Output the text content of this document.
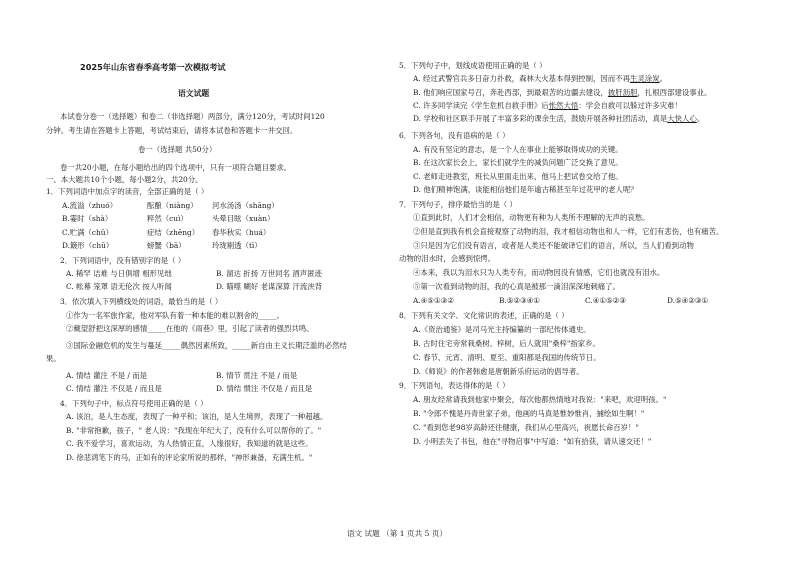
2025年山东省春季高考第一次模拟考试
语文试题
本试卷分卷一（选择题）和卷二（非选择题）两部分，满分120分，考试时间120
分钟。考生请在答题卡上答题，考试结束后，请将本试卷和答题卡一并交回。
卷一（选择题 共50分）
卷一共20小题，在每小题给出的四个选项中，只有一项符合题目要求。
一、本大题共10个小题，每小题2分，共20分。
1．下列词语中加点字的读音，全部正确的是（ ）
A.流溢（zhuó）	酝酿（niàng） 河水汤汤（shāng）
B.霎时（shà）	粹然（cuì）	头晕目眩（xuàn）
C.贮满（chǔ）	症结（zhēng） 春华秋实（huá）
D.簸形（chū）	螃蟹（bā）	玲珑剔透（tī）
2．下列词语中，没有错别字的是（ ）
A. 稀罕 诘难 与日俱增 相形见绌	B. 溜达 折扬 万世同名 酒声匿迹
C. 帐幕 笼罩 语无伦次 按人听闻	D. 瞄噬 糊好 老谋深算 汗流浃背
3．依次填入下列横线处的词语，最恰当的是（ ）
①作为一名军旅作家，他对军队有着一种本能的难以割舍的_____。
②戴望舒把这深厚的感情_____在他的《雨巷》里，引起了读者的强烈共鸣。
③国际金融危机的发生与蔓延_____偶然因素所致，_____新自由主义长期泛滥的必然结
果。
A. 情结 灌注 不是 / 而是	B. 情节 贯注 不是 / 而是
C. 情结 灌注 不仅是 / 而且是	D. 情结 惯注 不仅是 / 而且是
4．下列句子中，标点符号使用正确的是（ ）
A. 该泊，是人生态度，表现了一种平和；该泊，是人生境界，表现了一种超越。
B. "非常抱歉，孩子，" 老人说："我现在年纪大了，没有什么可以帮你的了。"
C. 我不爱学习，喜欢运动，为人热情正直，人缘很好，我知道的就是这些。
D. 徐悲鸿笔下的马，正如有的评论家所说的那样，"神形兼备，充满生机。"
5．下列句子中，划线成语使用正确的是（ ）
A. 经过武警官兵多日奋力扑救，森林大火基本得到控制，因而不再生灵涂炭。
B. 他们响应国家号召，奔赴西部，到最艰苦的边疆去建设，披肝沥胆，扎根西部建设事业。
C. 许多同学读完《学生危机自救手册》后怅然大悟：学会自救可以躲过许多灾难！
D. 学校和社区联手开展了丰富多彩的课余生活，鼓励开展各种社团活动，真是大快人心。
6．下列各句，没有语病的是（ ）
A. 有没有坚定的意志，是一个人在事业上能够取得成功的关键。
B. 在这次家长会上，家长们就学生的减负问题广泛交换了意见。
C. 老师走进教室，班长从里面走出来，他马上把试卷交给了他。
D. 他们精神饱满，谈能相信他们是年逾古稀甚至年过花甲的老人呢？
7．下列句子，排序最恰当的是（ ）
①直到此时，人们才会相信，动物更有种为人类所不理解的无声的哀愁。
②但是直到我有机会直接观察了动物的泪，我才相信动物也和人一样，它们有悲伤，也有痛苦。
③只是因为它们没有语言，或者是人类还不能破译它们的语言，所以，当人们看到动物
动物的泪水时，会感到惊愕。
④本来，我以为泪水只为人类专有，而动物因没有情感，它们也就没有泪水。
⑤第一次看到动物的泪，我的心真是被那一滴泪深深地刺痛了。
A.④⑤①③②	B.⑤②③④①	C.④①⑤②③	D.⑤④②③①
8．下列有关文学、文化常识的表述，正确的是（ ）
A.《资治通鉴》是司马光主持编纂的一部纪传体通史。
B. 古时住宅旁常栽桑树、梓树，后人就用"桑梓"指家乡。
C. 春节、元宵、清明、夏至、重阳都是我国的传统节日。
D.《师说》的作者韩愈是唐朝新乐府运动的倡导者。
9．下列语句，表达得体的是（ ）
A. 朋友经常请我到他家中聚会，每次他都热情地对我说："来吧，欢迎明孩。"
B. "令郎不愧是丹青世家子弟，他画的马真是惟妙惟肖，捕绘如生啊！"
C. "看到您老98岁高龄还往健康，我们从心里高兴，祝愿长命百岁！"
D. 小明丢失了书包，他在"寻物启事"中写道："如有拾获，请从速交还！"
语文 试题 （第 1 页共 5 页）
